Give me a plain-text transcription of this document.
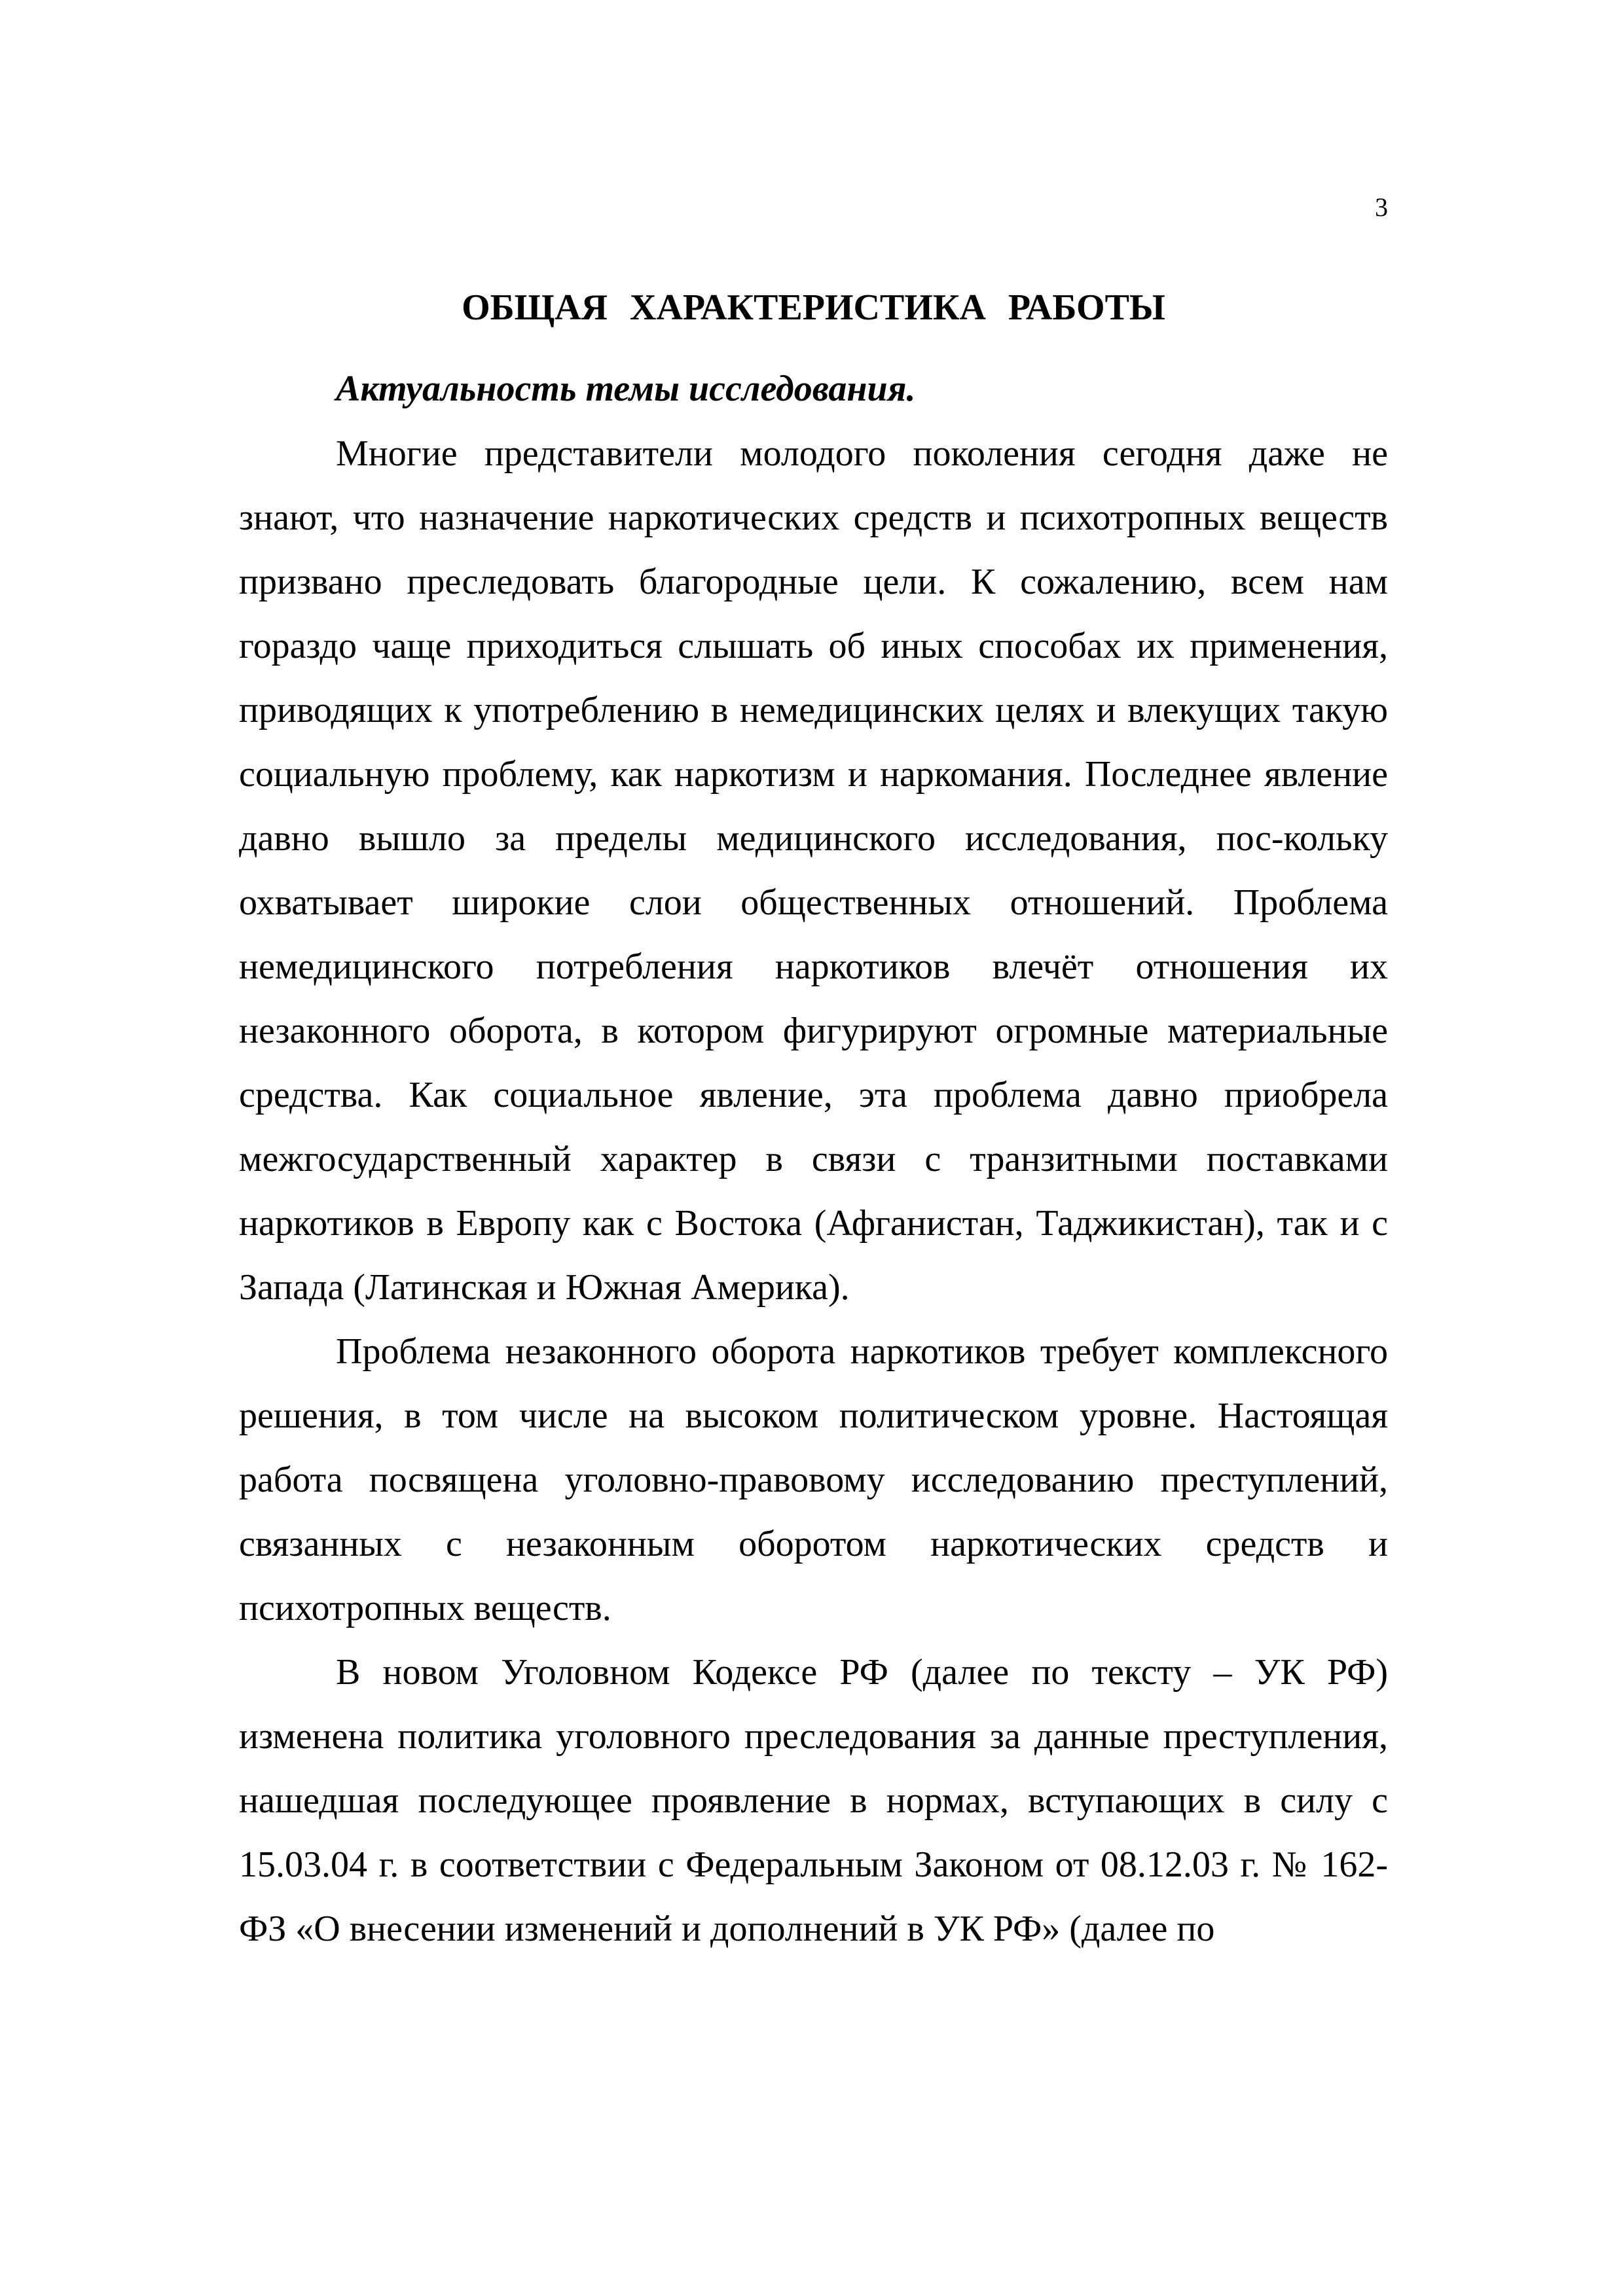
3
ОБЩАЯ ХАРАКТЕРИСТИКА РАБОТЫ
Актуальность темы исследования.

Многие представители молодого поколения сегодня даже не знают, что назначение наркотических средств и психотропных веществ призвано преследовать благородные цели. К сожалению, всем нам гораздо чаще приходиться слышать об иных способах их применения, приводящих к употреблению в немедицинских целях и влекущих такую социальную проблему, как наркотизм и наркомания. Последнее явление давно вышло за пределы медицинского исследования, пос-кольку охватывает широкие слои общественных отношений. Проблема немедицинского потребления наркотиков влечёт отношения их незаконного оборота, в котором фигурируют огромные материальные средства. Как социальное явление, эта проблема давно приобрела межгосударственный характер в связи с транзитными поставками наркотиков в Европу как с Востока (Афганистан, Таджикистан), так и с Запада (Латинская и Южная Америка).

Проблема незаконного оборота наркотиков требует комплексного решения, в том числе на высоком политическом уровне. Настоящая работа посвящена уголовно-правовому исследованию преступлений, связанных с незаконным оборотом наркотических средств и психотропных веществ.

В новом Уголовном Кодексе РФ (далее по тексту – УК РФ) изменена политика уголовного преследования за данные преступления, нашедшая последующее проявление в нормах, вступающих в силу с 15.03.04 г. в соответствии с Федеральным Законом от 08.12.03 г. № 162-ФЗ «О внесении изменений и дополнений в УК РФ» (далее по
